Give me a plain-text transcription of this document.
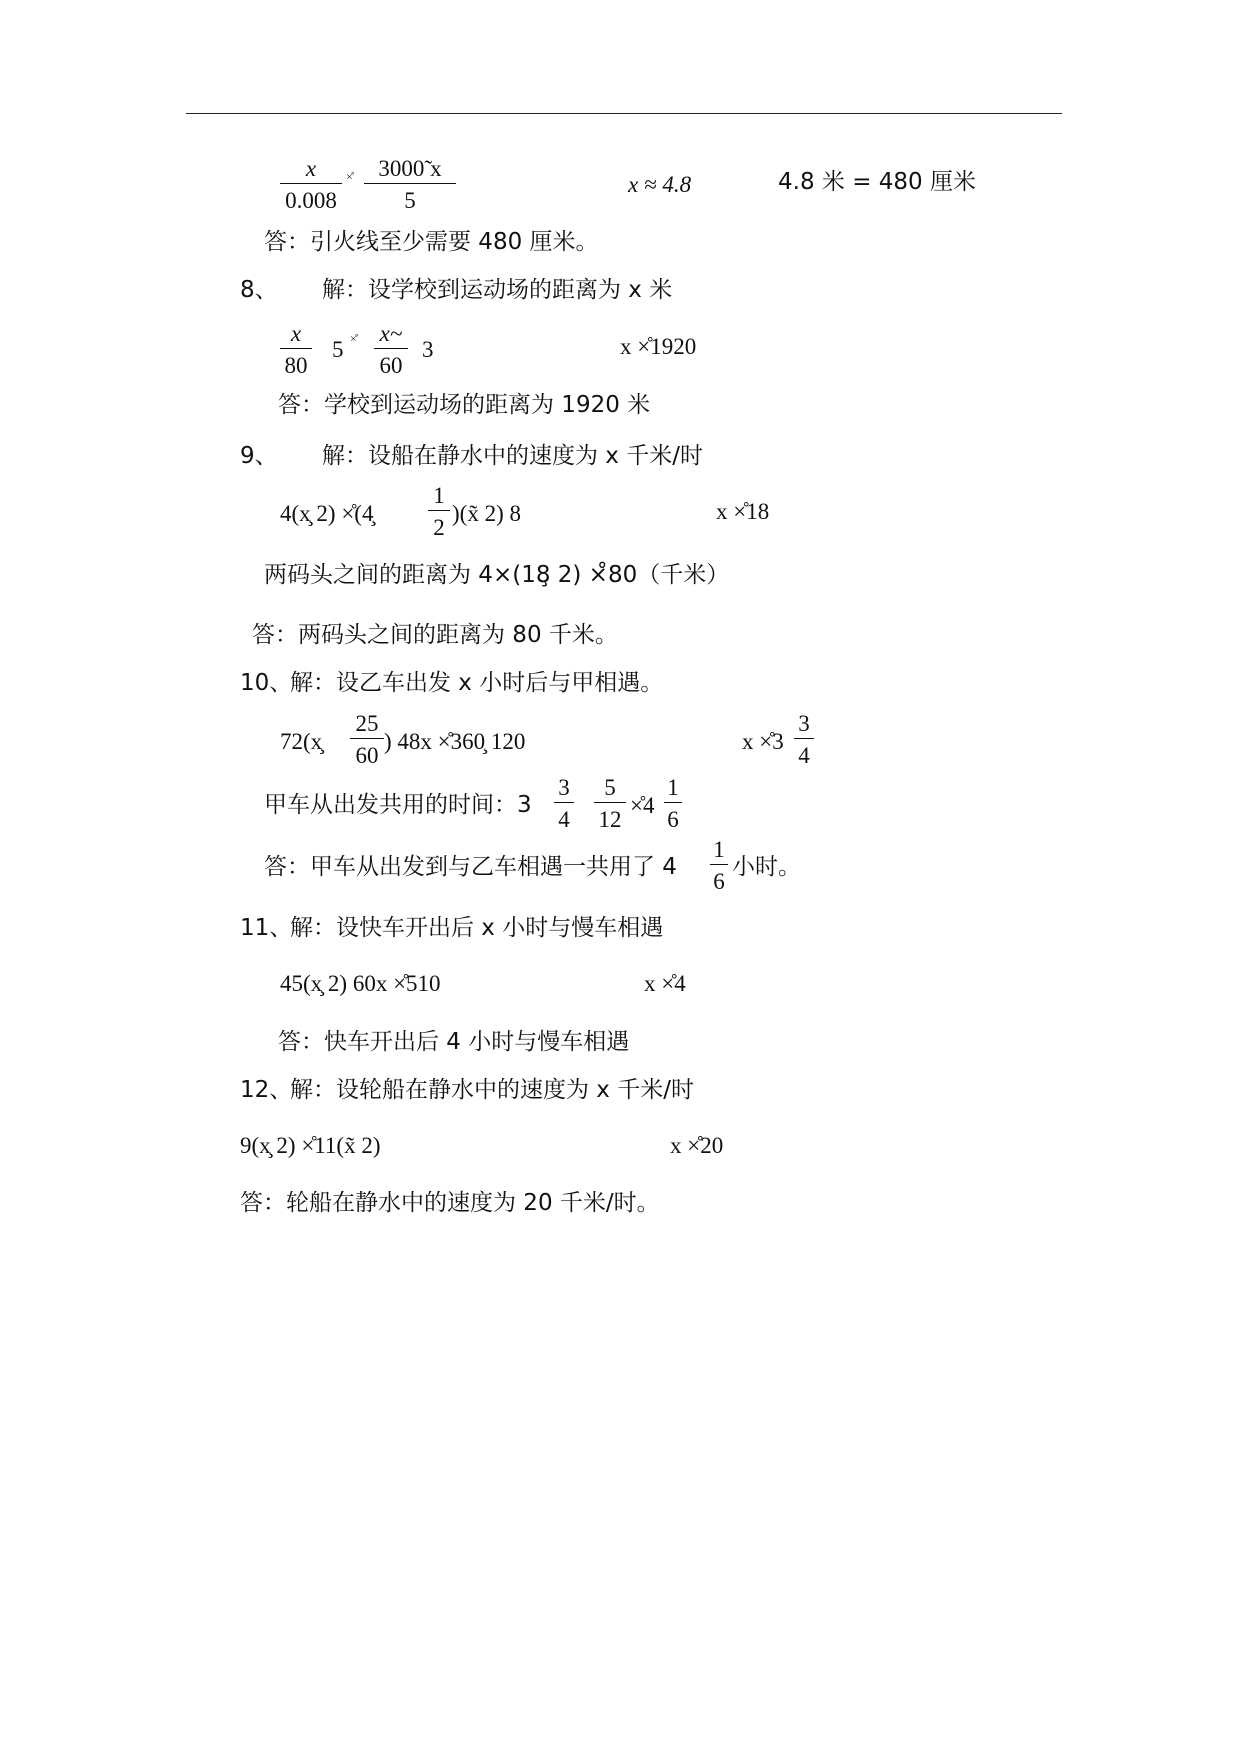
x
0.008
×̊	3000̃ x
5
x ≈ 4.8	4.8 米 = 480 厘米
答：引火线至少需要 480 厘米。
8、 解：设学校到运动场的距离为 x 米
x
80
5 ×̊ x~
60
3	x ×̊1920
答：学校到运动场的距离为 1920 米
9、 解：设船在静水中的速度为 x 千米/时
4(x̧ 2) ×̊(4̧
1
2
)(x̃ 2) 8	x ×̊18
两码头之间的距离为 4×(18̧ 2) ×̊80（千米）
答：两码头之间的距离为 80 千米。
10、
解：设乙车出发 x 小时后与甲相遇。
72(x̧
25
60
) 48x ×̊360̧ 120	x ×̊3
3
4
甲车从出发共用的时间：3
3
4
5
12
×̊4
1
6
答：甲车从出发到与乙车相遇一共用了 4
1
6
小时。
11、
解：设快车开出后 x 小时与慢车相遇
45(x̧ 2) 60x ×̊510	x ×̊4
答：快车开出后 4 小时与慢车相遇
12、
解：设轮船在静水中的速度为 x 千米/时
9(x̧ 2) ×̊11(x̃ 2)	x ×̊20
答：轮船在静水中的速度为 20 千米/时。
